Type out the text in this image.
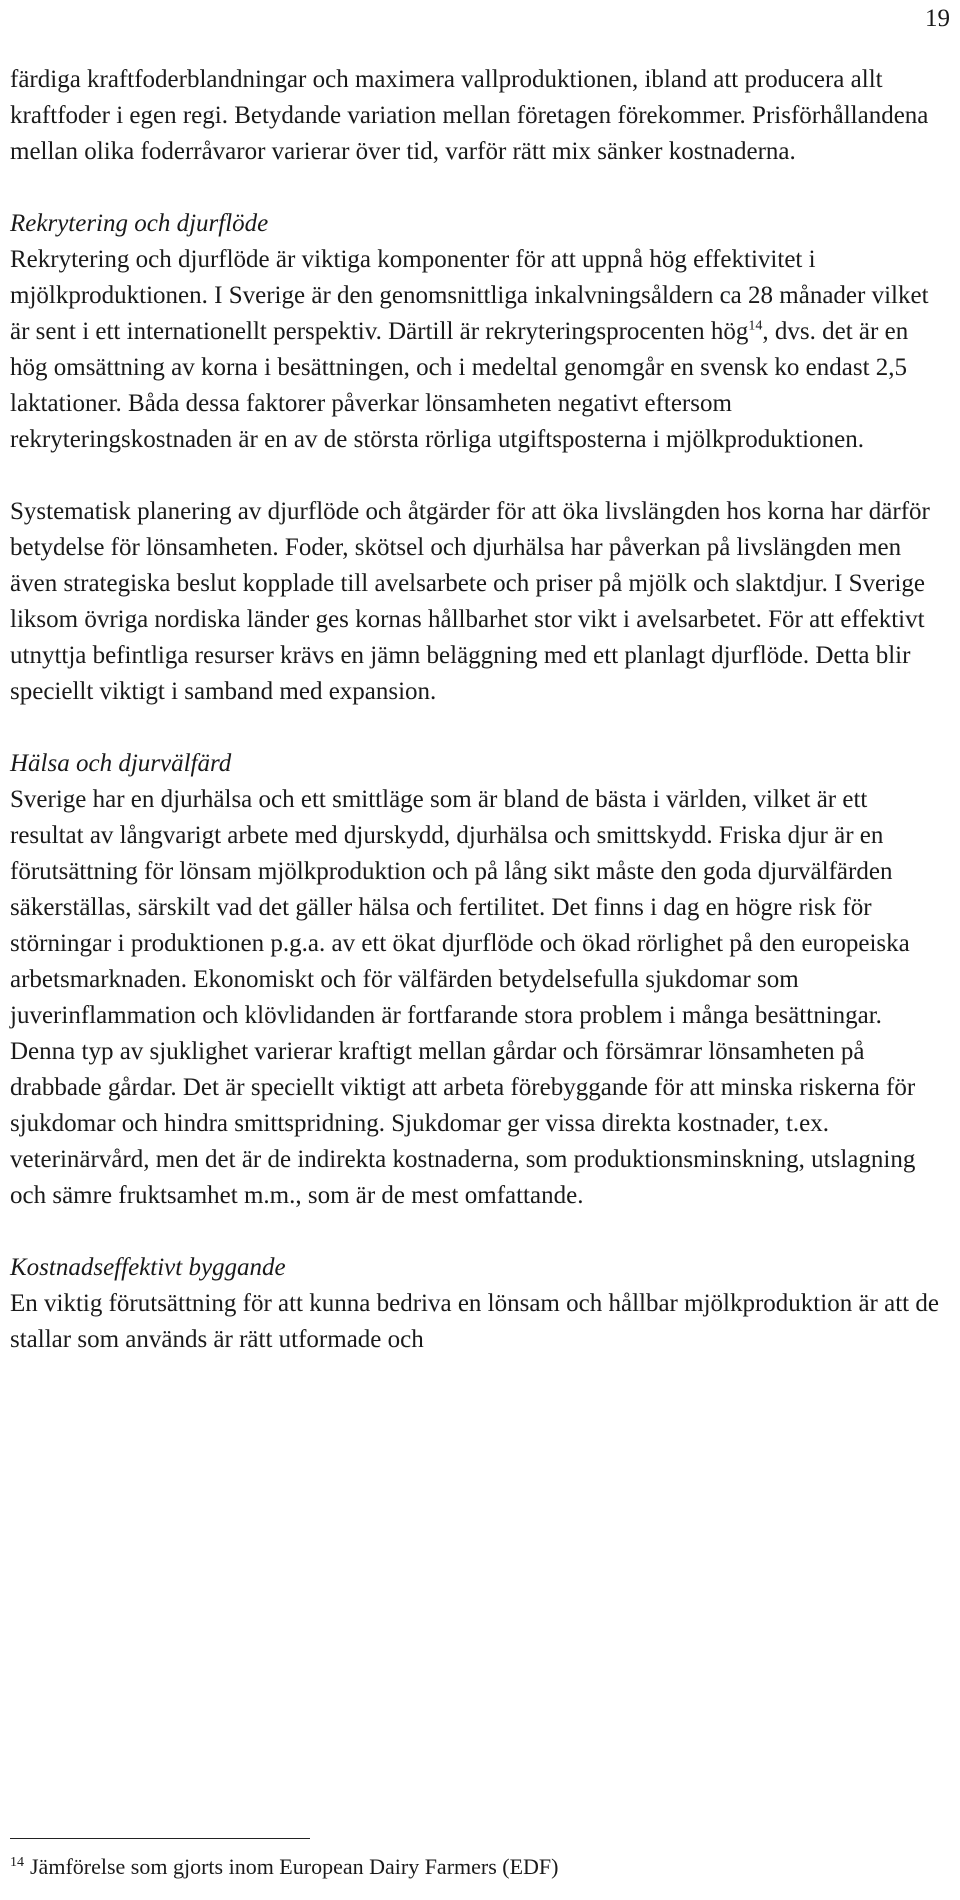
19

färdiga kraftfoderblandningar och maximera vallproduktionen, ibland att producera allt kraftfoder i egen regi. Betydande variation mellan företagen förekommer. Prisförhållandena mellan olika foderråvaror varierar över tid, varför rätt mix sänker kostnaderna.

Rekrytering och djurflöde

Rekrytering och djurflöde är viktiga komponenter för att uppnå hög effektivitet i mjölkproduktionen. I Sverige är den genomsnittliga inkalvningsåldern ca 28 månader vilket är sent i ett internationellt perspektiv. Därtill är rekryteringsprocenten hög$^{14}$, dvs. det är en hög omsättning av korna i besättningen, och i medeltal genomgår en svensk ko endast 2,5 laktationer. Båda dessa faktorer påverkar lönsamheten negativt eftersom rekryteringskostnaden är en av de största rörliga utgiftsposterna i mjölkproduktionen.

Systematisk planering av djurflöde och åtgärder för att öka livslängden hos korna har därför betydelse för lönsamheten. Foder, skötsel och djurhälsa har påverkan på livslängden men även strategiska beslut kopplade till avelsarbete och priser på mjölk och slaktdjur. I Sverige liksom övriga nordiska länder ges kornas hållbarhet stor vikt i avelsarbetet. För att effektivt utnyttja befintliga resurser krävs en jämn beläggning med ett planlagt djurflöde. Detta blir speciellt viktigt i samband med expansion.

Hälsa och djurvälfärd

Sverige har en djurhälsa och ett smittläge som är bland de bästa i världen, vilket är ett resultat av långvarigt arbete med djurskydd, djurhälsa och smittskydd. Friska djur är en förutsättning för lönsam mjölkproduktion och på lång sikt måste den goda djurvälfärden säkerställas, särskilt vad det gäller hälsa och fertilitet. Det finns i dag en högre risk för störningar i produktionen p.g.a. av ett ökat djurflöde och ökad rörlighet på den europeiska arbetsmarknaden. Ekonomiskt och för välfärden betydelsefulla sjukdomar som juverinflammation och klövlidanden är fortfarande stora problem i många besättningar. Denna typ av sjuklighet varierar kraftigt mellan gårdar och försämrar lönsamheten på drabbade gårdar. Det är speciellt viktigt att arbeta förebyggande för att minska riskerna för sjukdomar och hindra smittspridning. Sjukdomar ger vissa direkta kostnader, t.ex. veterinärvård, men det är de indirekta kostnaderna, som produktionsminskning, utslagning och sämre fruktsamhet m.m., som är de mest omfattande.

Kostnadseffektivt byggande

En viktig förutsättning för att kunna bedriva en lönsam och hållbar mjölkproduktion är att de stallar som används är rätt utformade och

$^{14}$ Jämförelse som gjorts inom European Dairy Farmers (EDF)
